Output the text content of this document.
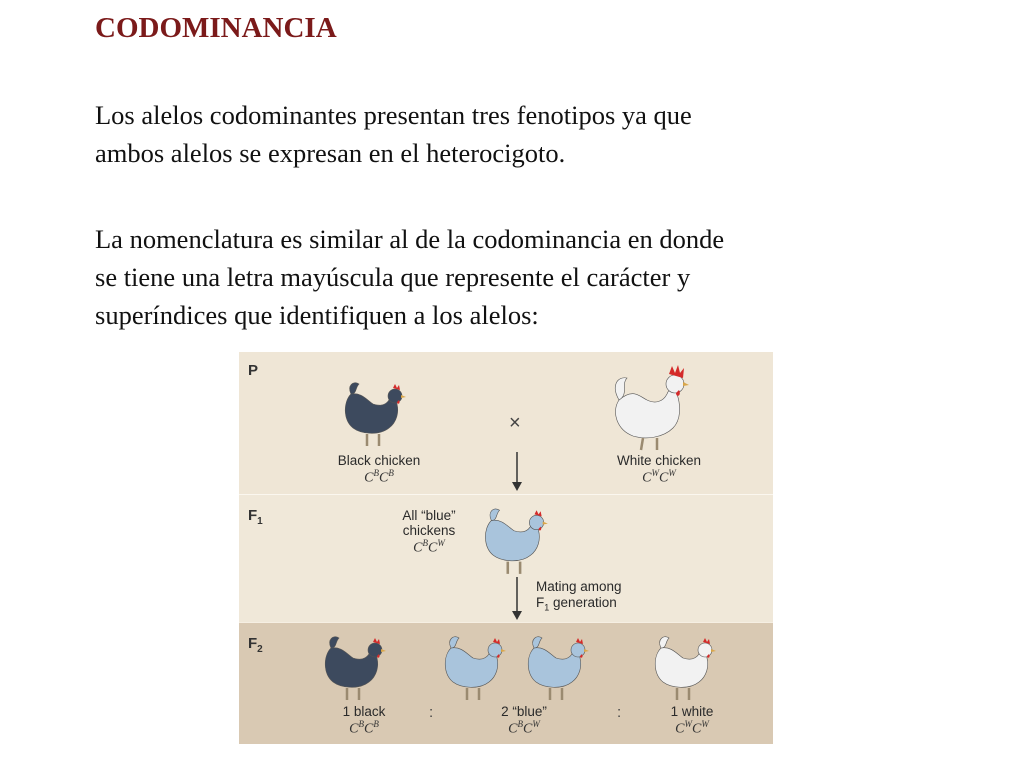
CODOMINANCIA
Los alelos codominantes presentan tres fenotipos ya que
ambos alelos se expresan en el heterocigoto.
La nomenclatura es similar al de la codominancia en donde
se tiene una letra mayúscula que represente el carácter y
superíndices que identifiquen a los alelos:
P
$F_1$
$F_2$
Black chicken
$C^BC^B$
×
White chicken
$C^WC^W$
All “blue”
chickens
$C^BC^W$
Mating among
$F_1$ generation
1 black
$C^BC^B$
:	2 “blue”
$C^BC^W$
:	1 white
$C^WC^W$
